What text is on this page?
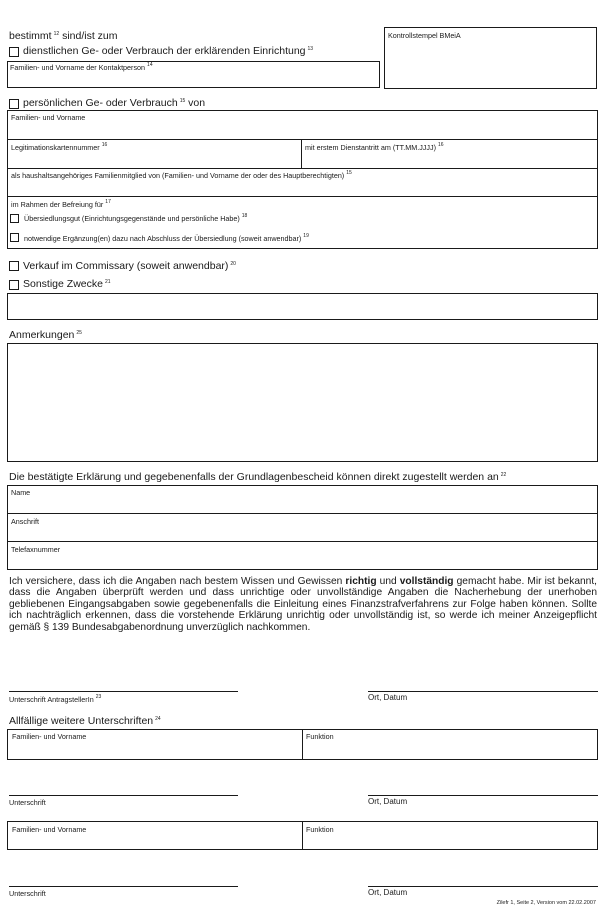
bestimmt $^{12}$ sind/ist zum	Kontrollstempel BMeiA
dienstlichen Ge- oder Verbrauch der erklärenden Einrichtung $^{13}$
Familien- und Vorname der Kontaktperson $^{14}$
persönlichen Ge- oder Verbrauch $^{15}$ von
Familien- und Vorname
Legitimationskartennummer $^{16}$	mit erstem Dienstantritt am (TT.MM.JJJJ) $^{16}$
als haushaltsangehöriges Familienmitglied von (Familien- und Vorname der oder des Hauptberechtigten) $^{15}$
im Rahmen der Befreiung für $^{17}$
Übersiedlungsgut (Einrichtungsgegenstände und persönliche Habe) $^{18}$
notwendige Ergänzung(en) dazu nach Abschluss der Übersiedlung (soweit anwendbar) $^{19}$
Verkauf im Commissary (soweit anwendbar) $^{20}$
Sonstige Zwecke $^{21}$
Anmerkungen $^{25}$
Die bestätigte Erklärung und gegebenenfalls der Grundlagenbescheid können direkt zugestellt werden an $^{22}$
Name
Anschrift
Telefaxnummer
Ich versichere, dass ich die Angaben nach bestem Wissen und Gewissen richtig und vollständig gemacht habe. Mir ist bekannt, dass die Angaben überprüft werden und dass unrichtige oder unvollständige Angaben die Nacherhebung der unerhoben gebliebenen Eingangsabgaben sowie gegebenenfalls die Einleitung eines Finanzstrafverfahrens zur Folge haben können. Sollte ich nachträglich erkennen, dass die vorstehende Erklärung unrichtig oder unvollständig ist, so werde ich meiner Anzeigepflicht gemäß § 139 Bundesabgabenordnung unverzüglich nachkommen.
Unterschrift AntragstellerIn $^{23}$	Ort, Datum
Allfällige weitere Unterschriften $^{24}$
Familien- und Vorname	Funktion
Unterschrift	Ort, Datum
Familien- und Vorname	Funktion
Unterschrift	Ort, Datum
Zilefr 1, Seite 2, Version vom 22.02.2007
